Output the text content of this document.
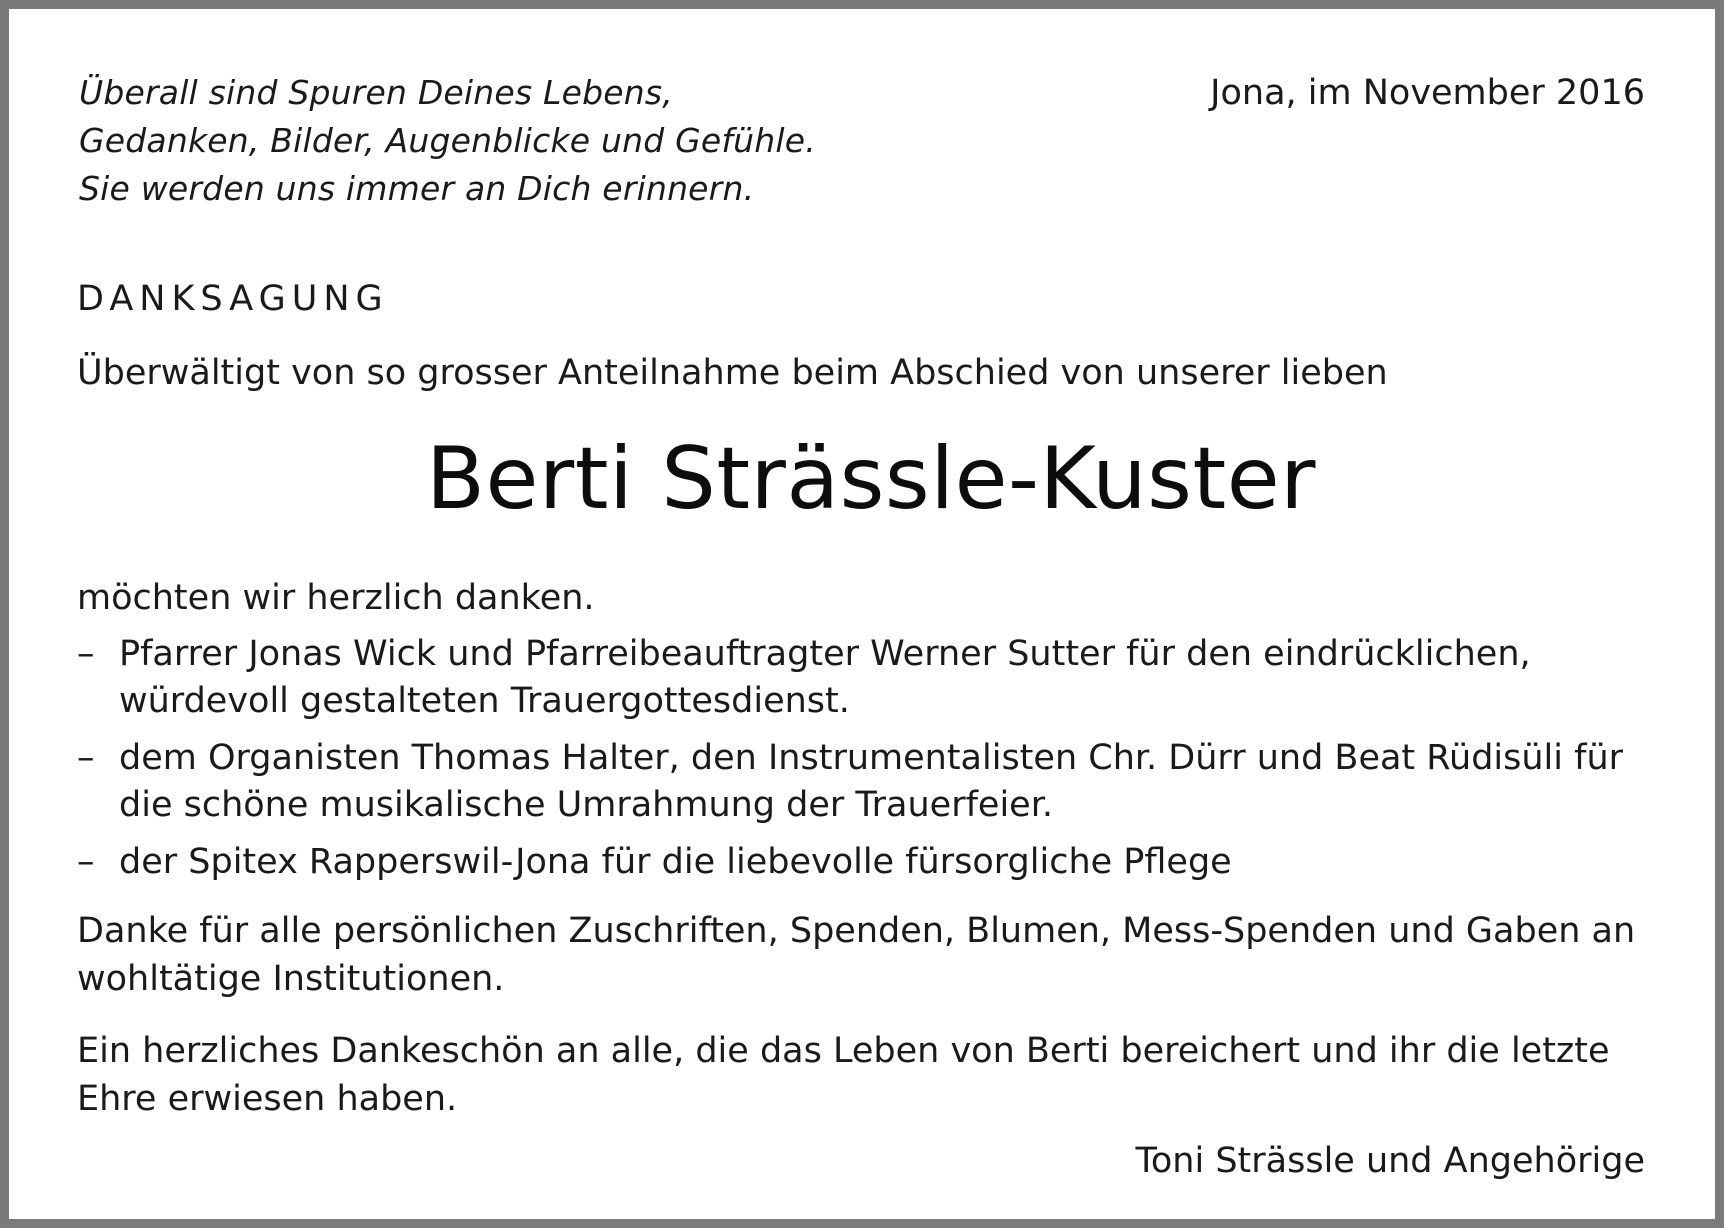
Überall sind Spuren Deines Lebens,
Gedanken, Bilder, Augenblicke und Gefühle.
Sie werden uns immer an Dich erinnern.
Jona, im November 2016
DANKSAGUNG
Überwältigt von so grosser Anteilnahme beim Abschied von unserer lieben
Berti Strässle-Kuster
möchten wir herzlich danken.
– Pfarrer Jonas Wick und Pfarreibeauftragter Werner Sutter für den eindrücklichen,
würdevoll gestalteten Trauergottesdienst.
– dem Organisten Thomas Halter, den Instrumentalisten Chr. Dürr und Beat Rüdisüli für
die schöne musikalische Umrahmung der Trauerfeier.
– der Spitex Rapperswil-Jona für die liebevolle fürsorgliche Pflege
Danke für alle persönlichen Zuschriften, Spenden, Blumen, Mess-Spenden und Gaben an
wohltätige Institutionen.
Ein herzliches Dankeschön an alle, die das Leben von Berti bereichert und ihr die letzte
Ehre erwiesen haben.
Toni Strässle und Angehörige
